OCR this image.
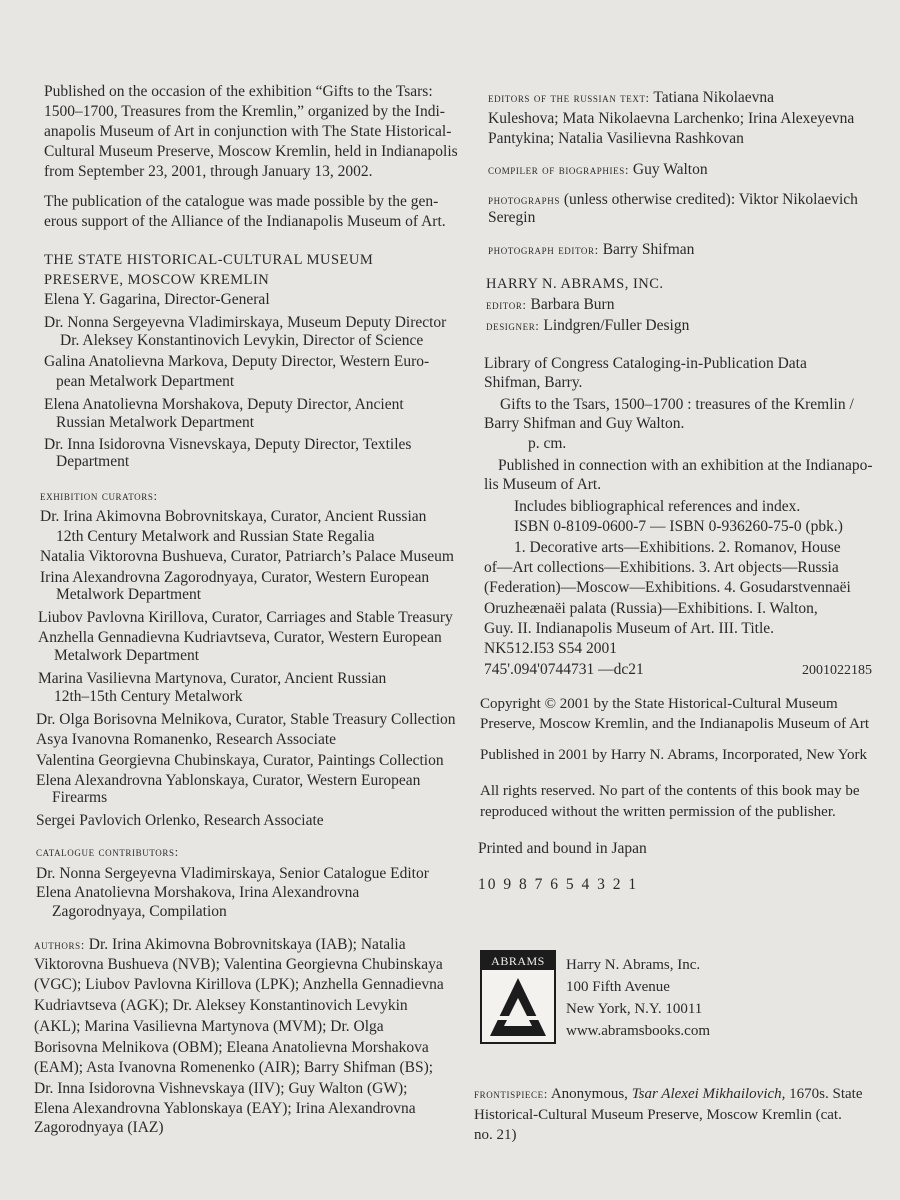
Published on the occasion of the exhibition “Gifts to the Tsars:
1500–1700, Treasures from the Kremlin,” organized by the Indi-
anapolis Museum of Art in conjunction with The State Historical-
Cultural Museum Preserve, Moscow Kremlin, held in Indianapolis
from September 23, 2001, through January 13, 2002.
The publication of the catalogue was made possible by the gen-
erous support of the Alliance of the Indianapolis Museum of Art.
THE STATE HISTORICAL-CULTURAL MUSEUM
PRESERVE, MOSCOW KREMLIN
Elena Y. Gagarina, Director-General
Dr. Nonna Sergeyevna Vladimirskaya, Museum Deputy Director
Dr. Aleksey Konstantinovich Levykin, Director of Science
Galina Anatolievna Markova, Deputy Director, Western Euro-
pean Metalwork Department
Elena Anatolievna Morshakova, Deputy Director, Ancient
Russian Metalwork Department
Dr. Inna Isidorovna Visnevskaya, Deputy Director, Textiles
Department
exhibition curators:
Dr. Irina Akimovna Bobrovnitskaya, Curator, Ancient Russian
12th Century Metalwork and Russian State Regalia
Natalia Viktorovna Bushueva, Curator, Patriarch’s Palace Museum
Irina Alexandrovna Zagorodnyaya, Curator, Western European
Metalwork Department
Liubov Pavlovna Kirillova, Curator, Carriages and Stable Treasury
Anzhella Gennadievna Kudriavtseva, Curator, Western European
Metalwork Department
Marina Vasilievna Martynova, Curator, Ancient Russian
12th–15th Century Metalwork
Dr. Olga Borisovna Melnikova, Curator, Stable Treasury Collection
Asya Ivanovna Romanenko, Research Associate
Valentina Georgievna Chubinskaya, Curator, Paintings Collection
Elena Alexandrovna Yablonskaya, Curator, Western European
Firearms
Sergei Pavlovich Orlenko, Research Associate
catalogue contributors:
Dr. Nonna Sergeyevna Vladimirskaya, Senior Catalogue Editor
Elena Anatolievna Morshakova, Irina Alexandrovna
Zagorodnyaya, Compilation
authors: Dr. Irina Akimovna Bobrovnitskaya (IAB); Natalia
Viktorovna Bushueva (NVB); Valentina Georgievna Chubinskaya
(VGC); Liubov Pavlovna Kirillova (LPK); Anzhella Gennadievna
Kudriavtseva (AGK); Dr. Aleksey Konstantinovich Levykin
(AKL); Marina Vasilievna Martynova (MVM); Dr. Olga
Borisovna Melnikova (OBM); Eleana Anatolievna Morshakova
(EAM); Asta Ivanovna Romenenko (AIR); Barry Shifman (BS);
Dr. Inna Isidorovna Vishnevskaya (IIV); Guy Walton (GW);
Elena Alexandrovna Yablonskaya (EAY); Irina Alexandrovna
Zagorodnyaya (IAZ)
editors of the russian text: Tatiana Nikolaevna
Kuleshova; Mata Nikolaevna Larchenko; Irina Alexeyevna
Pantykina; Natalia Vasilievna Rashkovan
compiler of biographies: Guy Walton
photographs (unless otherwise credited): Viktor Nikolaevich
Seregin
photograph editor: Barry Shifman
HARRY N. ABRAMS, INC.
editor: Barbara Burn
designer: Lindgren/Fuller Design
Library of Congress Cataloging-in-Publication Data
Shifman, Barry.
Gifts to the Tsars, 1500–1700 : treasures of the Kremlin /
Barry Shifman and Guy Walton.
p. cm.
Published in connection with an exhibition at the Indianapo-
lis Museum of Art.
Includes bibliographical references and index.
ISBN 0-8109-0600-7 — ISBN 0-936260-75-0 (pbk.)
1. Decorative arts—Exhibitions. 2. Romanov, House
of—Art collections—Exhibitions. 3. Art objects—Russia
(Federation)—Moscow—Exhibitions. 4. Gosudarstvennaëi
Oruzheænaëi palata (Russia)—Exhibitions. I. Walton,
Guy. II. Indianapolis Museum of Art. III. Title.
NK512.I53 S54 2001
745'.094'0744731 —dc21	2001022185
Copyright © 2001 by the State Historical-Cultural Museum
Preserve, Moscow Kremlin, and the Indianapolis Museum of Art
Published in 2001 by Harry N. Abrams, Incorporated, New York
All rights reserved. No part of the contents of this book may be
reproduced without the written permission of the publisher.
Printed and bound in Japan
10 9 8 7 6 5 4 3 2 1
ABRAMS	Harry N. Abrams, Inc.
100 Fifth Avenue
New York, N.Y. 10011
www.abramsbooks.com
frontispiece: Anonymous, Tsar Alexei Mikhailovich, 1670s. State
Historical-Cultural Museum Preserve, Moscow Kremlin (cat.
no. 21)
